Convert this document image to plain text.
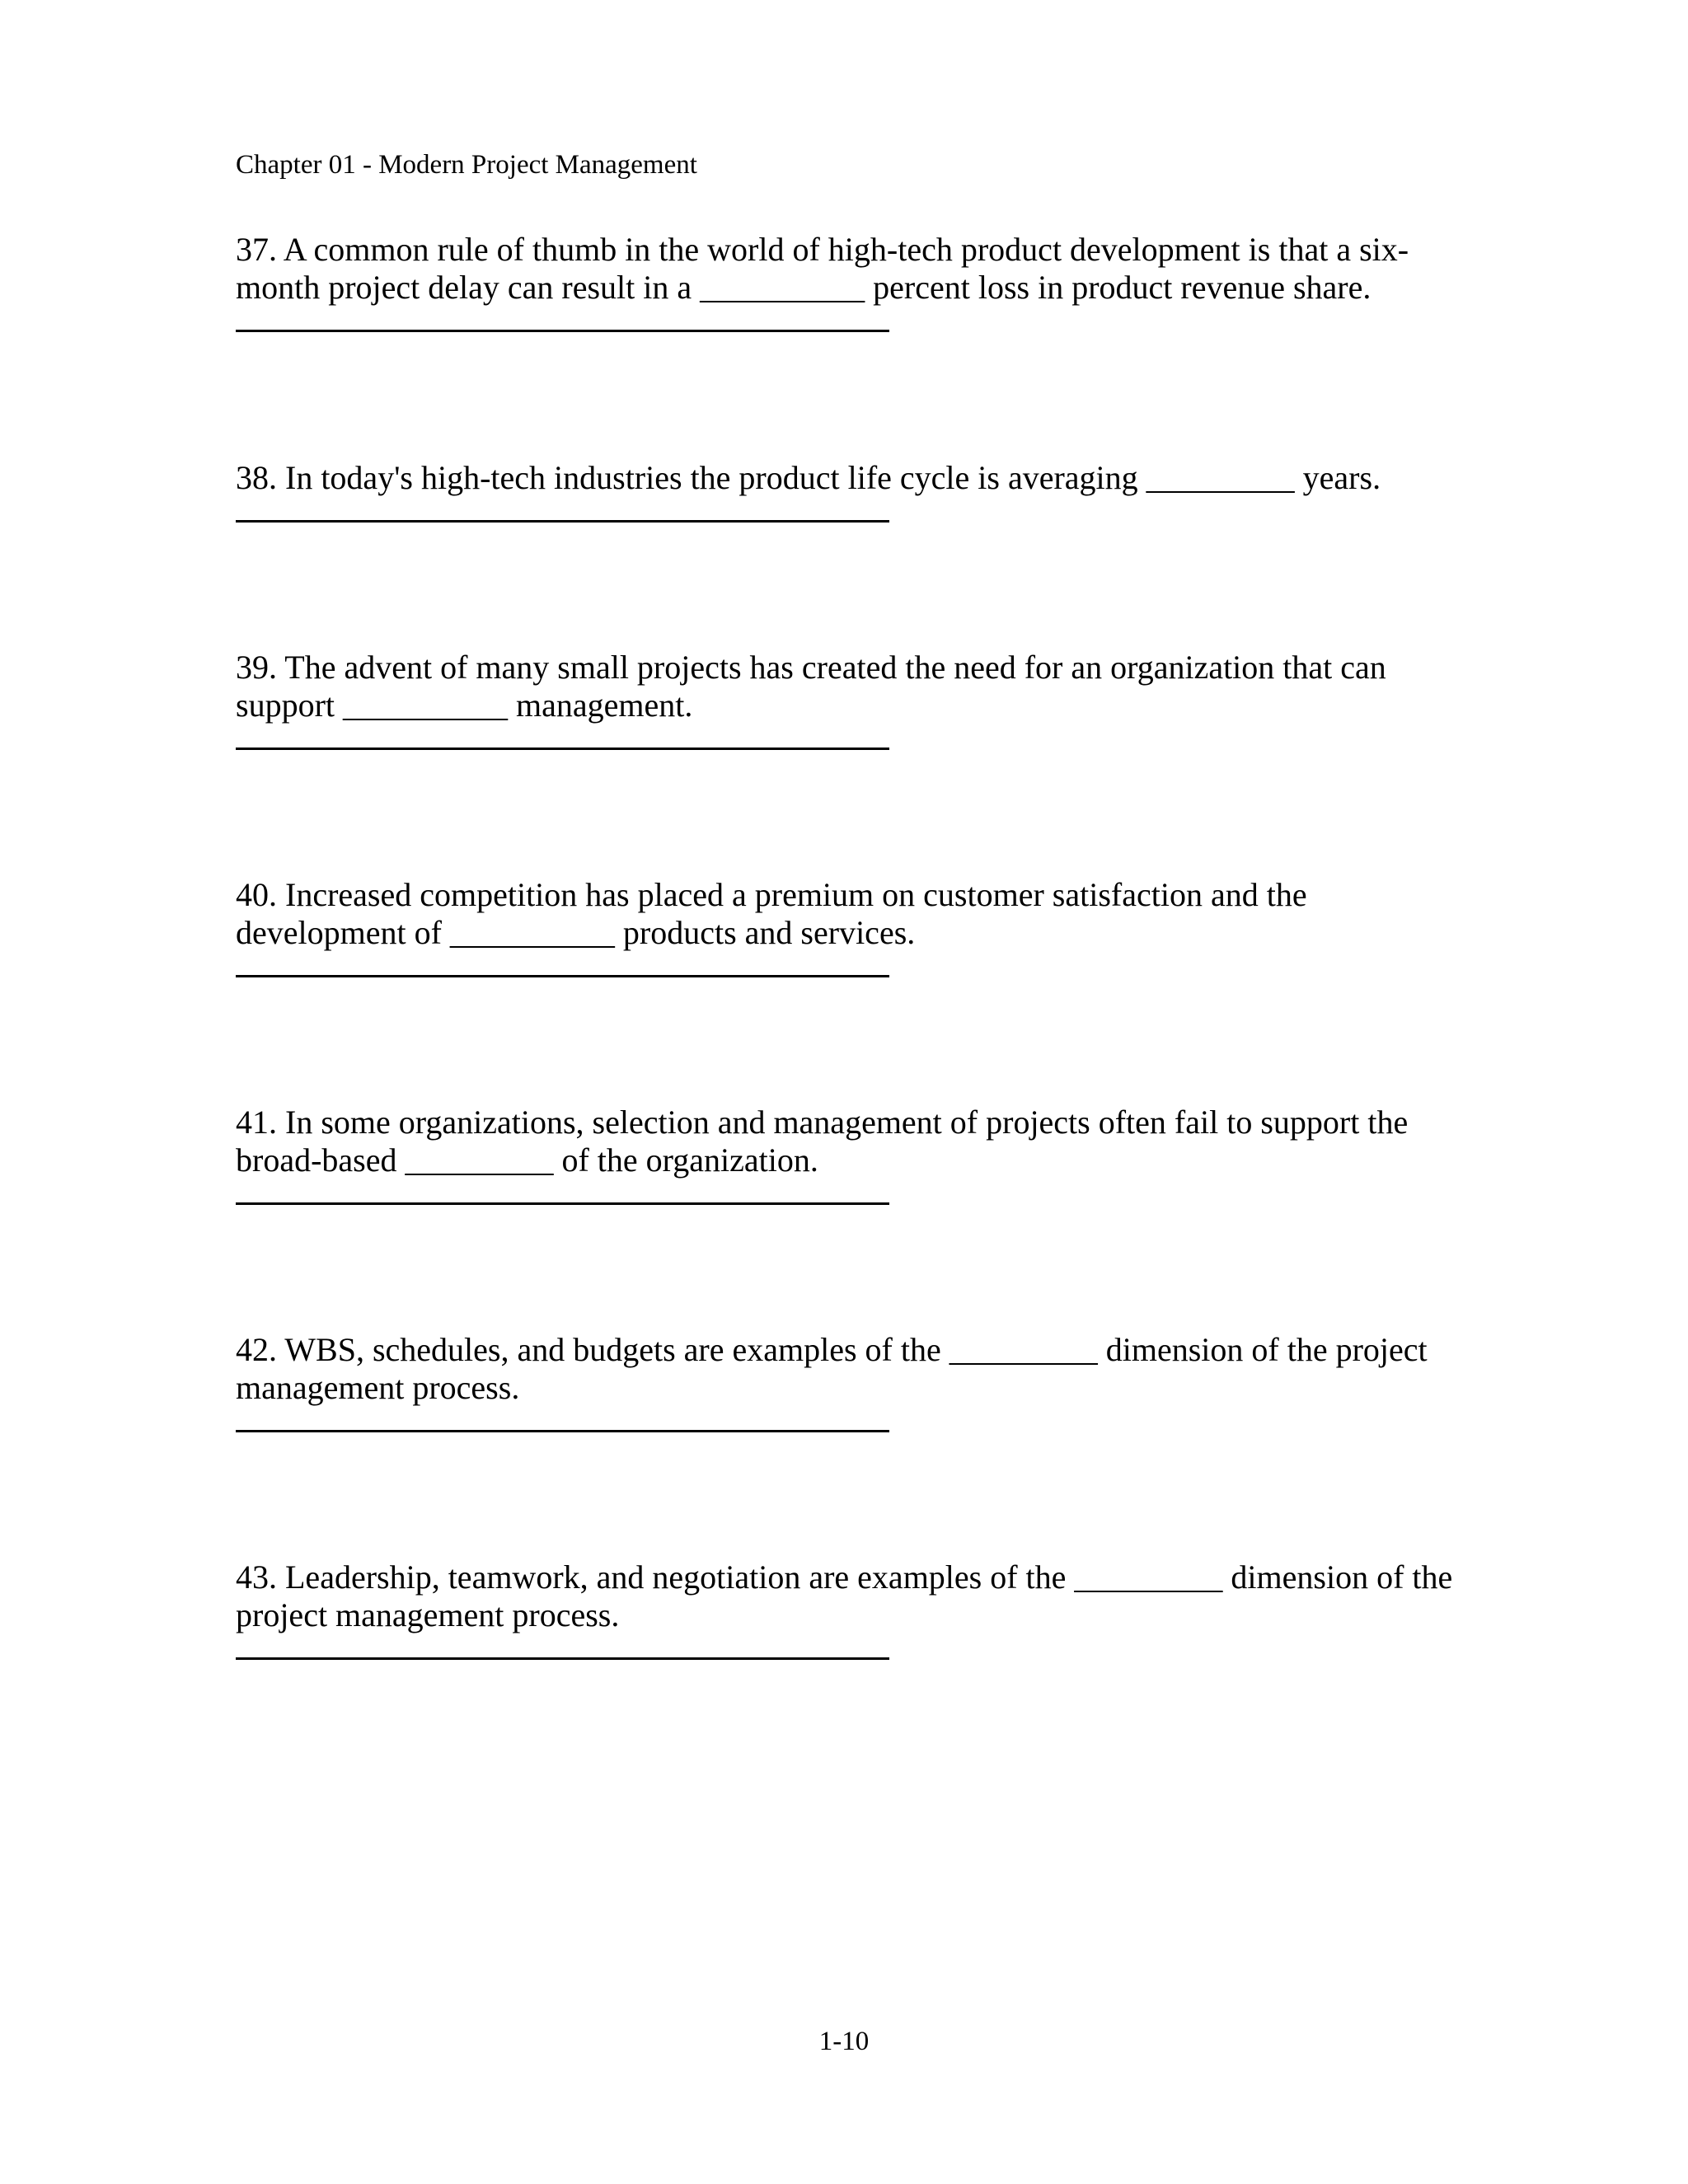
Chapter 01 - Modern Project Management
37. A common rule of thumb in the world of high-tech product development is that a six-
month project delay can result in a __________ percent loss in product revenue share.
38. In today's high-tech industries the product life cycle is averaging _________ years.
39. The advent of many small projects has created the need for an organization that can
support __________ management.
40. Increased competition has placed a premium on customer satisfaction and the
development of __________ products and services.
41. In some organizations, selection and management of projects often fail to support the
broad-based _________ of the organization.
42. WBS, schedules, and budgets are examples of the _________ dimension of the project
management process.
43. Leadership, teamwork, and negotiation are examples of the _________ dimension of the
project management process.
1-10
